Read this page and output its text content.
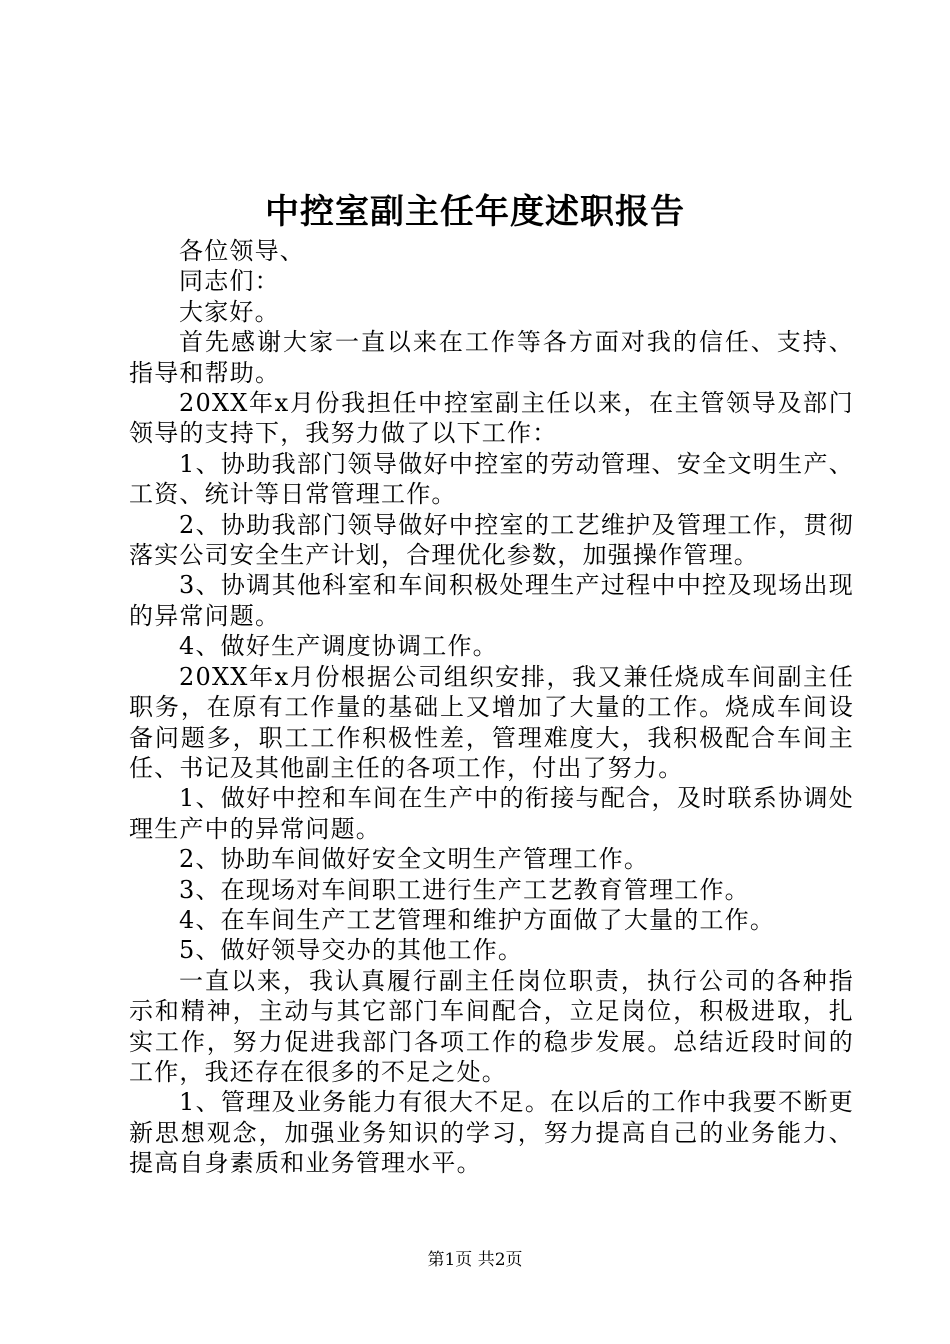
中控室副主任年度述职报告

各位领导、

同志们：

大家好。

首先感谢大家一直以来在工作等各方面对我的信任、支持、指导和帮助。

20XX年x月份我担任中控室副主任以来，在主管领导及部门领导的支持下，我努力做了以下工作：

1、协助我部门领导做好中控室的劳动管理、安全文明生产、工资、统计等日常管理工作。

2、协助我部门领导做好中控室的工艺维护及管理工作，贯彻落实公司安全生产计划，合理优化参数，加强操作管理。

3、协调其他科室和车间积极处理生产过程中中控及现场出现的异常问题。

4、做好生产调度协调工作。

20XX年x月份根据公司组织安排，我又兼任烧成车间副主任职务，在原有工作量的基础上又增加了大量的工作。烧成车间设备问题多，职工工作积极性差，管理难度大，我积极配合车间主任、书记及其他副主任的各项工作，付出了努力。

1、做好中控和车间在生产中的衔接与配合，及时联系协调处理生产中的异常问题。

2、协助车间做好安全文明生产管理工作。

3、在现场对车间职工进行生产工艺教育管理工作。

4、在车间生产工艺管理和维护方面做了大量的工作。

5、做好领导交办的其他工作。

一直以来，我认真履行副主任岗位职责，执行公司的各种指示和精神，主动与其它部门车间配合，立足岗位，积极进取，扎实工作，努力促进我部门各项工作的稳步发展。总结近段时间的工作，我还存在很多的不足之处。

1、管理及业务能力有很大不足。在以后的工作中我要不断更新思想观念，加强业务知识的学习，努力提高自己的业务能力、提高自身素质和业务管理水平。

第1页 共2页
